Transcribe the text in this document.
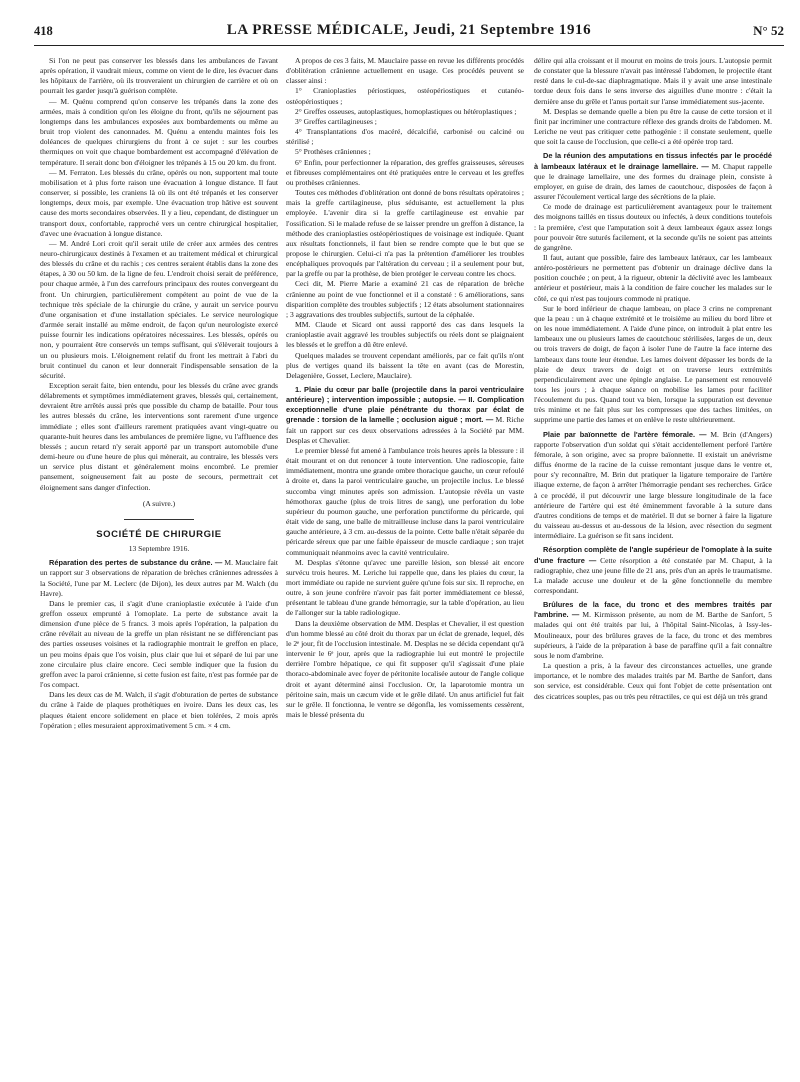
418	LA PRESSE MÉDICALE, Jeudi, 21 Septembre 1916	N° 52

Si l'on ne peut pas conserver les blessés dans les ambulances de l'avant après opération, il vaudrait mieux, comme on vient de le dire, les évacuer dans les hôpitaux de l'arrière, où ils trouveraient un chirurgien de carrière et où on pourrait les garder jusqu'à guérison complète.

— M. Quénu comprend qu'on conserve les trépanés dans la zone des armées, mais à condition qu'on les éloigne du front, qu'ils ne séjournent pas longtemps dans les ambulances exposées aux bombardements ou même au bruit trop violent des canonnades. M. Quénu a entendu maintes fois les doléances de quelques chirurgiens du front à ce sujet : sur les courbes thermiques on voit que chaque bombardement est accompagné d'élévation de température. Il serait donc bon d'éloigner les trépanés à 15 ou 20 km. du front.

— M. Ferraton. Les blessés du crâne, opérés ou non, supportent mal toute mobilisation et à plus forte raison une évacuation à longue distance. Il faut conserver, si possible, les craniens là où ils ont été trépanés et les conserver longtemps, deux mois, par exemple. Une évacuation trop hâtive est souvent cause des morts secondaires observées. Il y a lieu, cependant, de distinguer un transport doux, confortable, rapproché vers un centre chirurgical hospitalier, d'avec une évacuation à longue distance.

— M. André Lori croit qu'il serait utile de créer aux armées des centres neuro-chirurgicaux destinés à l'examen et au traitement médical et chirurgical des blessés du crâne et du rachis ; ces centres seraient établis dans la zone des étapes, à 30 ou 50 km. de la ligne de feu. L'endroit choisi serait de préférence, pour chaque armée, à l'un des carrefours principaux des routes convergeant du front. Un chirurgien, particulièrement compétent au point de vue de la technique très spéciale de la chirurgie du crâne, y aurait un service pourvu d'une organisation et d'une installation spéciales. Le service neurologique d'armée serait installé au même endroit, de façon qu'un neurologiste exercé puisse fournir les indications opératoires nécessaires. Les blessés, opérés ou non, y pourraient être conservés un temps suffisant, qui s'élèverait toujours à un ou plusieurs mois. L'éloignement relatif du front les mettrait à l'abri du bruit continuel du canon et leur donnerait l'indispensable sensation de la sécurité.

Exception serait faite, bien entendu, pour les blessés du crâne avec grands délabrements et symptômes immédiatement graves, blessés qui, certainement, devraient être arrêtés aussi près que possible du champ de bataille. Pour tous les autres blessés du crâne, les interventions sont rarement d'une urgence immédiate ; elles sont d'ailleurs rarement pratiquées avant vingt-quatre ou quarante-huit heures dans les ambulances de première ligne, vu l'affluence des blessés ; aucun retard n'y serait apporté par un transport automobile d'une demi-heure ou d'une heure de plus qui mènerait, au contraire, les blessés vers un service plus distant et généralement moins encombré. Le premier pansement, soigneusement fait au poste de secours, permettrait cet éloignement sans danger d'infection.

(A suivre.)

SOCIÉTÉ DE CHIRURGIE

13 Septembre 1916.

Réparation des pertes de substance du crâne. — M. Mauclaire fait un rapport sur 3 observations de réparation de brèches crâniennes adressées à la Société, l'une par M. Leclerc (de Dijon), les deux autres par M. Walch (du Havre).

Dans le premier cas, il s'agit d'une cranioplastie exécutée à l'aide d'un greffon osseux emprunté à l'omoplate. La perte de substance avait la dimension d'une pièce de 5 francs. 3 mois après l'opération, la palpation du crâne révélait au niveau de la greffe un plan résistant ne se différenciant pas des parties osseuses voisines et la radiographie montrait le greffon en place, un peu moins épais que l'os voisin, plus clair que lui et séparé de lui par une zone circulaire plus claire encore. Ceci semble indiquer que la fusion du greffon avec la paroi crânienne, si cette fusion est faite, n'est pas formée par de l'os compact.

Dans les deux cas de M. Walch, il s'agit d'obturation de pertes de substance du crâne à l'aide de plaques prothétiques en ivoire. Dans les deux cas, les plaques étaient encore solidement en place et bien tolérées, 2 mois après l'opération ; elles mesuraient approximativement 5 cm. × 4 cm.

A propos de ces 3 faits, M. Mauclaire passe en revue les différents procédés d'oblitération crânienne actuellement en usage. Ces procédés peuvent se classer ainsi :

1° Cranioplasties périostiques, ostéopériostiques et cutanéo-ostéopériostiques ;

2° Greffes osseuses, autoplastiques, homoplastiques ou hétéroplastiques ;

3° Greffes cartilagineuses ;

4° Transplantations d'os macéré, décalcifié, carbonisé ou calciné ou stérilisé ;

5° Prothèses crâniennes ;

6° Enfin, pour perfectionner la réparation, des greffes graisseuses, séreuses et fibreuses complémentaires ont été pratiquées entre le cerveau et les greffes ou prothèses crâniennes.

Toutes ces méthodes d'oblitération ont donné de bons résultats opératoires ; mais la greffe cartilagineuse, plus séduisante, est actuellement la plus employée. L'avenir dira si la greffe cartilagineuse est envahie par l'ossification. Si le malade refuse de se laisser prendre un greffon à distance, la méthode des cranioplasties ostéopériostiques de voisinage est indiquée. Quant aux résultats fonctionnels, il faut bien se rendre compte que le but que se propose le chirurgien. Celui-ci n'a pas la prétention d'améliorer les troubles encéphaliques provoqués par l'altération du cerveau ; il a seulement pour but, par la greffe ou par la prothèse, de bien protéger le cerveau contre les chocs.

Ceci dit, M. Pierre Marie a examiné 21 cas de réparation de brèche crânienne au point de vue fonctionnel et il a constaté : 6 améliorations, sans disparition complète des troubles subjectifs ; 12 états absolument stationnaires ; 3 aggravations des troubles subjectifs, surtout de la céphalée.

MM. Claude et Sicard ont aussi rapporté des cas dans lesquels la cranioplastie avait aggravé les troubles subjectifs ou réels dont se plaignaient les blessés et le greffon a dû être enlevé.

Quelques malades se trouvent cependant améliorés, par ce fait qu'ils n'ont plus de vertiges quand ils baissent la tête en avant (cas de Morestin, Delagenière, Gosset, Leclere, Mauclaire).

1. Plaie du cœur par balle (projectile dans la paroi ventriculaire antérieure) ; intervention impossible ; autopsie. — II. Complication exceptionnelle d'une plaie pénétrante du thorax par éclat de grenade : torsion de la lamelle ; occlusion aiguë ; mort. — M. Riche fait un rapport sur ces deux observations adressées à la Société par MM. Desplas et Chevalier.

Le premier blessé fut amené à l'ambulance trois heures après la blessure : il était mourant et on dut renoncer à toute intervention. Une radioscopie, faite immédiatement, montra une grande ombre thoracique gauche, un cœur refoulé à droite et, dans la paroi ventriculaire gauche, un projectile inclus. Le blessé succomba vingt minutes après son admission. L'autopsie révéla un vaste hémothorax gauche (plus de trois litres de sang), une perforation du lobe supérieur du poumon gauche, une perforation punctiforme du péricarde, qui était vide de sang, une balle de mitrailleuse incluse dans la paroi ventriculaire gauche antérieure, à 3 cm. au-dessus de la pointe. Cette balle n'était séparée du péricarde séreux que par une faible épaisseur de muscle cardiaque ; son trajet communiquait néanmoins avec la cavité ventriculaire.

M. Desplas s'étonne qu'avec une pareille lésion, son blessé ait encore survécu trois heures. M. Leriche lui rappelle que, dans les plaies du cœur, la mort immédiate ou rapide ne survient guère qu'une fois sur six. Il reproche, en outre, à son jeune confrère n'avoir pas fait porter immédiatement ce blessé, présentant le tableau d'une grande hémorragie, sur la table d'opération, au lieu de l'allonger sur la table radiologique.

Dans la deuxième observation de MM. Desplas et Chevalier, il est question d'un homme blessé au côté droit du thorax par un éclat de grenade, lequel, dès le 2ᵉ jour, fit de l'occlusion intestinale. M. Desplas ne se décida cependant qu'à intervenir le 6ᵉ jour, après que la radiographie lui eut montré le projectile derrière l'ombre hépatique, ce qui fit supposer qu'il s'agissait d'une plaie thoraco-abdominale avec foyer de péritonite localisée autour de l'angle colique droit et ayant déterminé ainsi l'occlusion. Or, la laparotomie montra un péritoine sain, mais un cæcum vide et le grêle dilaté. Un anus artificiel fut fait sur le grêle. Il fonctionna, le ventre se dégonfla, les vomissements cessèrent, mais le blessé présenta du

délire qui alla croissant et il mourut en moins de trois jours. L'autopsie permit de constater que la blessure n'avait pas intéressé l'abdomen, le projectile étant resté dans le cul-de-sac diaphragmatique. Mais il y avait une anse intestinale tordue deux fois dans le sens inverse des aiguilles d'une montre : c'était la dernière anse du grêle et l'anus portait sur l'anse immédiatement sus-jacente.

M. Desplas se demande quelle a bien pu être la cause de cette torsion et il finit par incriminer une contracture réflexe des grands droits de l'abdomen. M. Leriche ne veut pas critiquer cette pathogénie : il constate seulement, quelle que soit la cause de l'occlusion, que celle-ci a été opérée trop tard.

De la réunion des amputations en tissus infectés par le procédé à lambeaux latéraux et le drainage lamellaire. — M. Chaput rappelle que le drainage lamellaire, une des formes du drainage plein, consiste à employer, en guise de drain, des lames de caoutchouc, disposées de façon à assurer l'écoulement vertical large des sécrétions de la plaie.

Ce mode de drainage est particulièrement avantageux pour le traitement des moignons taillés en tissus douteux ou infectés, à deux conditions toutefois : la première, c'est que l'amputation soit à deux lambeaux égaux assez longs pour pouvoir être suturés facilement, et la seconde qu'ils ne soient pas atteints de gangrène.

Il faut, autant que possible, faire des lambeaux latéraux, car les lambeaux antéro-postérieurs ne permettent pas d'obtenir un drainage déclive dans la position couchée ; on peut, à la rigueur, obtenir la déclivité avec les lambeaux antérieur et postérieur, mais à la condition de faire coucher les malades sur le côté, ce qui n'est pas toujours commode ni pratique.

Sur le bord inférieur de chaque lambeau, on place 3 crins ne comprenant que la peau : un à chaque extrémité et le troisième au milieu du bord libre et on les noue immédiatement. A l'aide d'une pince, on introduit à plat entre les lambeaux une ou plusieurs lames de caoutchouc stérilisées, larges de un, deux ou trois travers de doigt, de façon à isoler l'une de l'autre la face interne des lambeaux dans toute leur étendue. Les lames doivent dépasser les bords de la plaie de deux travers de doigt et on traverse leurs extrémités perpendiculairement avec une épingle anglaise. Le pansement est renouvelé tous les jours ; à chaque séance on mobilise les lames pour faciliter l'écoulement du pus. Quand tout va bien, lorsque la suppuration est devenue très minime et ne fait plus sur les compresses que des taches limitées, on supprime une partie des lames et on enlève le reste ultérieurement.

Plaie par baïonnette de l'artère fémorale. — M. Brin (d'Angers) rapporte l'observation d'un soldat qui s'était accidentellement perforé l'artère fémorale, à son origine, avec sa propre baïonnette. Il existait un anévrisme diffus énorme de la racine de la cuisse remontant jusque dans le ventre et, pour s'y reconnaître, M. Brin dut pratiquer la ligature temporaire de l'artère iliaque externe, de façon à arrêter l'hémorragie pendant ses recherches. Grâce à ce procédé, il put découvrir une large blessure longitudinale de la face antérieure de l'artère qui est été éminemment favorable à la suture dans d'autres conditions de temps et de matériel. Il dut se borner à faire la ligature du vaisseau au-dessus et au-dessous de la lésion, avec résection du segment intermédiaire. La guérison se fit sans incident.

Résorption complète de l'angle supérieur de l'omoplate à la suite d'une fracture — Cette résorption a été constatée par M. Chaput, à la radiographie, chez une jeune fille de 21 ans, près d'un an après le traumatisme. La malade accuse une douleur et de la gêne fonctionnelle du membre correspondant.

Brûlures de la face, du tronc et des membres traités par l'ambrine. — M. Kirmisson présente, au nom de M. Barthe de Sanfort, 5 malades qui ont été traités par lui, à l'hôpital Saint-Nicolas, à Issy-les-Moulineaux, pour des brûlures graves de la face, du tronc et des membres supérieurs, à l'aide de la préparation à base de paraffine qu'il a fait connaître sous le nom d'ambrine.

La question a pris, à la faveur des circonstances actuelles, une grande importance, et le nombre des malades traités par M. Barthe de Sanfort, dans son service, est considérable. Ceux qui font l'objet de cette présentation ont des cicatrices souples, pas ou très peu rétractiles, ce qui est déjà un très grand
